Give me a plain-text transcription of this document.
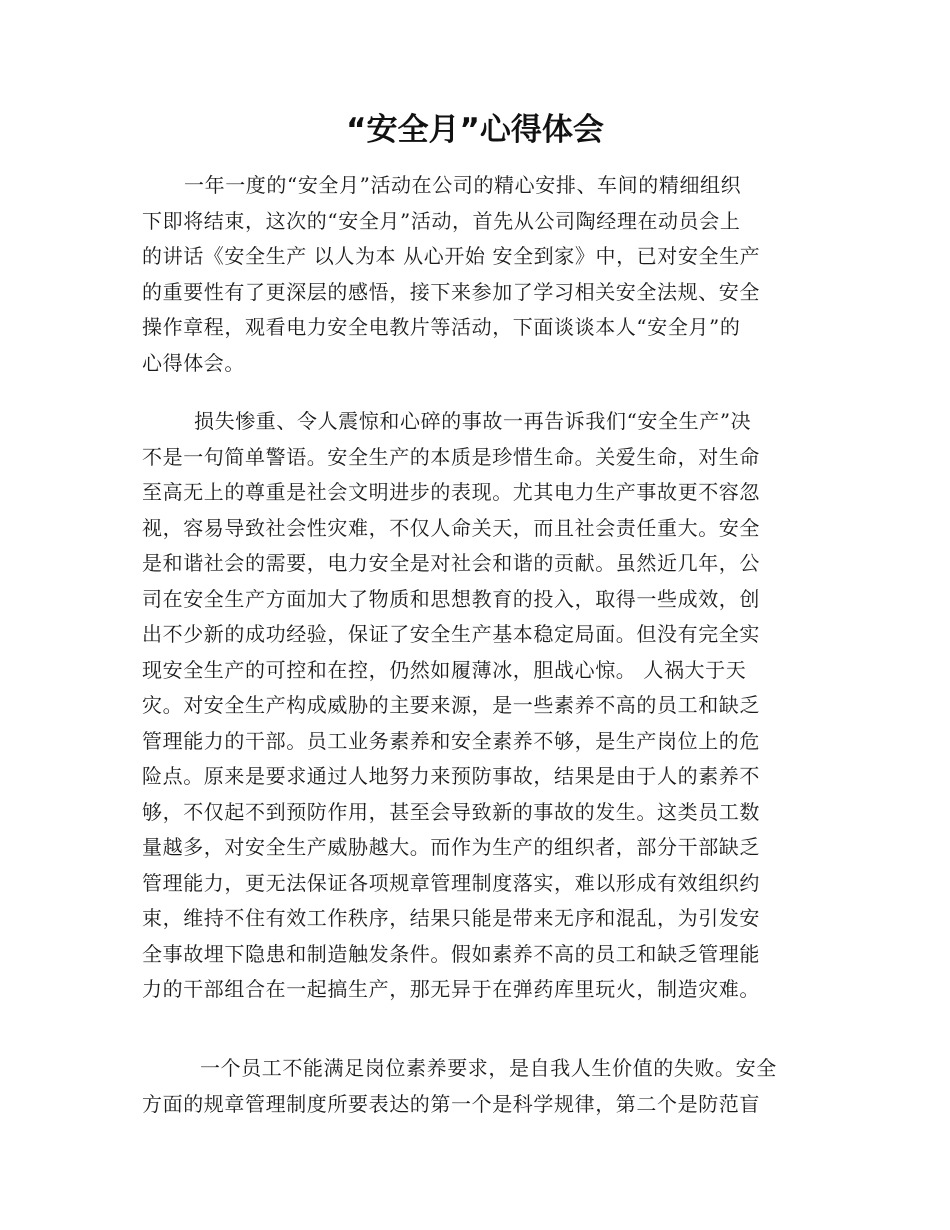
“安全月”心得体会
一年一度的“安全月”活动在公司的精心安排、车间的精细组织
下即将结束，这次的“安全月”活动，首先从公司陶经理在动员会上
的讲话《安全生产 以人为本 从心开始 安全到家》中，已对安全生产
的重要性有了更深层的感悟，接下来参加了学习相关安全法规、安全
操作章程，观看电力安全电教片等活动，下面谈谈本人“安全月”的
心得体会。
损失惨重、令人震惊和心碎的事故一再告诉我们“安全生产”决
不是一句简单警语。安全生产的本质是珍惜生命。关爱生命，对生命
至高无上的尊重是社会文明进步的表现。尤其电力生产事故更不容忽
视，容易导致社会性灾难，不仅人命关天，而且社会责任重大。安全
是和谐社会的需要，电力安全是对社会和谐的贡献。虽然近几年，公
司在安全生产方面加大了物质和思想教育的投入，取得一些成效，创
出不少新的成功经验，保证了安全生产基本稳定局面。但没有完全实
现安全生产的可控和在控，仍然如履薄冰，胆战心惊。 人祸大于天
灾。对安全生产构成威胁的主要来源，是一些素养不高的员工和缺乏
管理能力的干部。员工业务素养和安全素养不够，是生产岗位上的危
险点。原来是要求通过人地努力来预防事故，结果是由于人的素养不
够，不仅起不到预防作用，甚至会导致新的事故的发生。这类员工数
量越多，对安全生产威胁越大。而作为生产的组织者，部分干部缺乏
管理能力，更无法保证各项规章管理制度落实，难以形成有效组织约
束，维持不住有效工作秩序，结果只能是带来无序和混乱，为引发安
全事故埋下隐患和制造触发条件。假如素养不高的员工和缺乏管理能
力的干部组合在一起搞生产，那无异于在弹药库里玩火，制造灾难。
一个员工不能满足岗位素养要求，是自我人生价值的失败。安全
方面的规章管理制度所要表达的第一个是科学规律，第二个是防范盲
